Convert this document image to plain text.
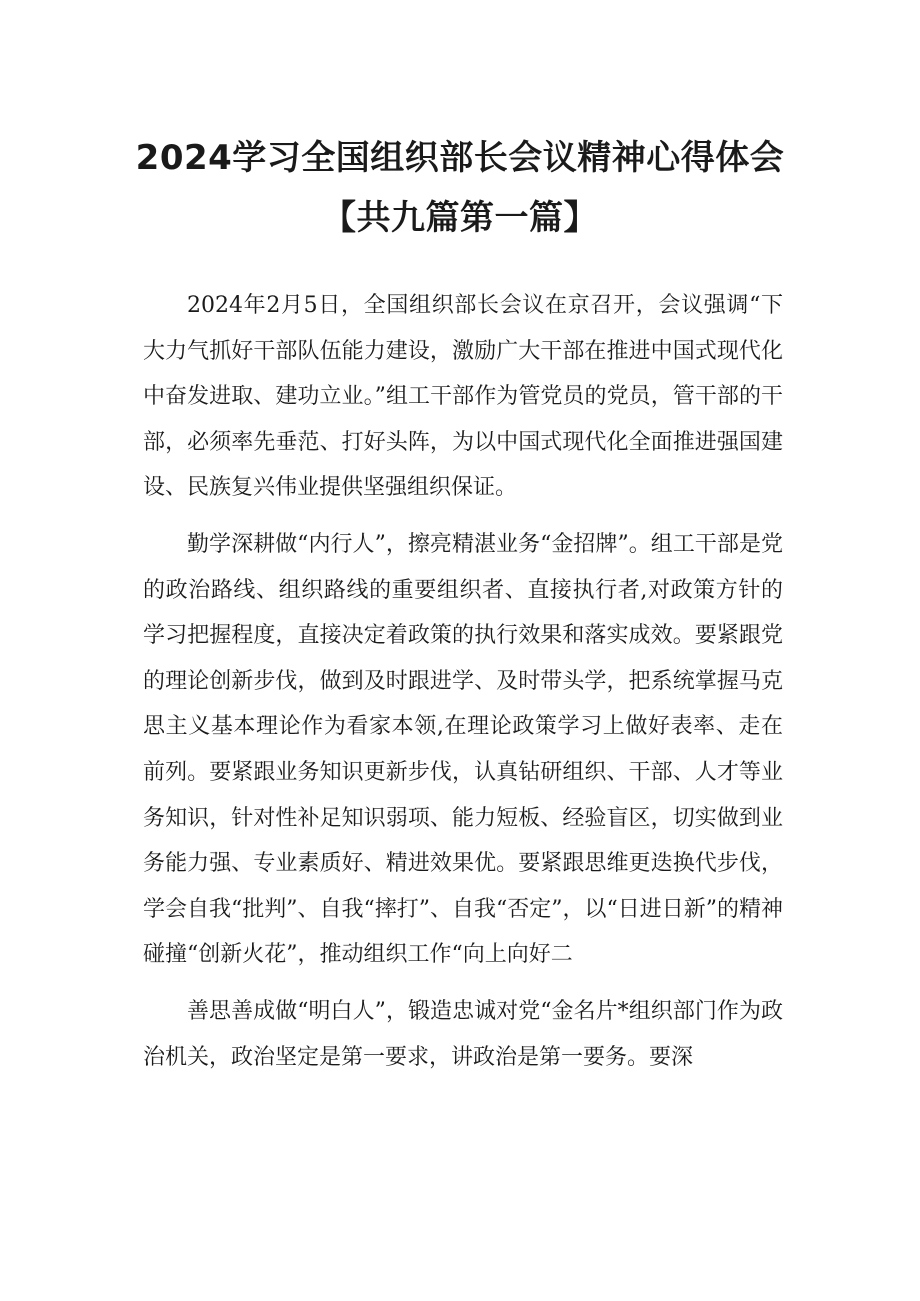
2024学习全国组织部长会议精神心得体会
【共九篇第一篇】

2024年2月5日，全国组织部长会议在京召开，会议强调“下大力气抓好干部队伍能力建设，激励广大干部在推进中国式现代化中奋发进取、建功立业。”组工干部作为管党员的党员，管干部的干部，必须率先垂范、打好头阵，为以中国式现代化全面推进强国建设、民族复兴伟业提供坚强组织保证。

勤学深耕做“内行人”，擦亮精湛业务“金招牌”。组工干部是党的政治路线、组织路线的重要组织者、直接执行者,对政策方针的学习把握程度，直接决定着政策的执行效果和落实成效。要紧跟党的理论创新步伐，做到及时跟进学、及时带头学，把系统掌握马克思主义基本理论作为看家本领,在理论政策学习上做好表率、走在前列。要紧跟业务知识更新步伐，认真钻研组织、干部、人才等业务知识，针对性补足知识弱项、能力短板、经验盲区，切实做到业务能力强、专业素质好、精进效果优。要紧跟思维更迭换代步伐，学会自我“批判”、自我“摔打”、自我“否定”，以“日进日新”的精神碰撞“创新火花”，推动组织工作“向上向好二

善思善成做“明白人”，锻造忠诚对党“金名片*组织部门作为政治机关，政治坚定是第一要求，讲政治是第一要务。要深
